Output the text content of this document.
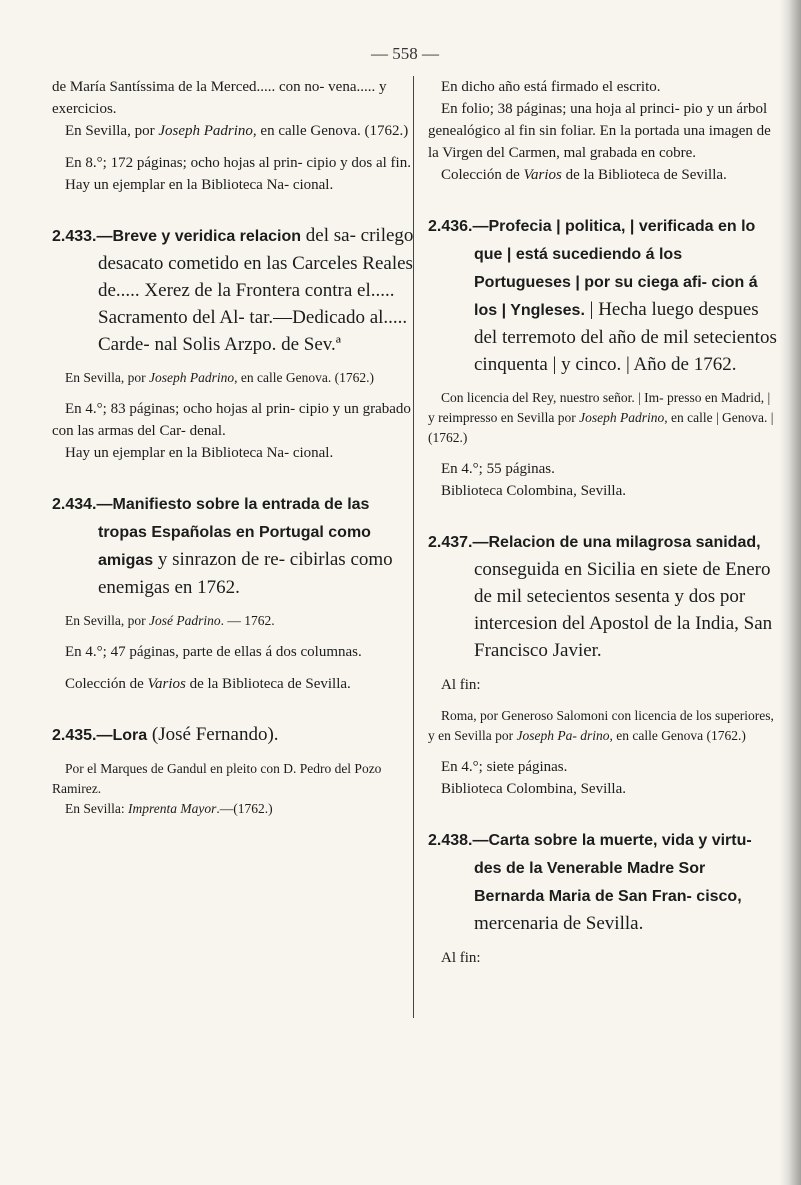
— 558 —

de María Santíssima de la Merced..... con no- vena..... y exercicios.

En Sevilla, por Joseph Padrino, en calle Genova. (1762.)

En 8.°; 172 páginas; ocho hojas al prin- cipio y dos al fin.

Hay un ejemplar en la Biblioteca Na- cional.

2.433.—Breve y veridica relacion del sa- crilego desacato cometido en las Carceles Reales de..... Xerez de la Frontera contra el..... Sacramento del Al- tar.—Dedicado al..... Carde- nal Solis Arzpo. de Sev.ª

En Sevilla, por Joseph Padrino, en calle Genova. (1762.)

En 4.°; 83 páginas; ocho hojas al prin- cipio y un grabado con las armas del Car- denal.

Hay un ejemplar en la Biblioteca Na- cional.

2.434.—Manifiesto sobre la entrada de las tropas Españolas en Portugal como amigas y sinrazon de re- cibirlas como enemigas en 1762.

En Sevilla, por José Padrino. — 1762.

En 4.°; 47 páginas, parte de ellas á dos columnas.

Colección de Varios de la Biblioteca de Sevilla.

2.435.—Lora (José Fernando).

Por el Marques de Gandul en pleito con D. Pedro del Pozo Ramirez.

En Sevilla: Imprenta Mayor.—(1762.)

En dicho año está firmado el escrito.

En folio; 38 páginas; una hoja al princi- pio y un árbol genealógico al fin sin foliar. En la portada una imagen de la Virgen del Carmen, mal grabada en cobre.

Colección de Varios de la Biblioteca de Sevilla.

2.436.—Profecia | politica, | verificada en lo que | está sucediendo á los Portugueses | por su ciega afi- cion á los | Yngleses. | Hecha luego despues del terremoto del año de mil setecientos cinquenta | y cinco. | Año de 1762.

Con licencia del Rey, nuestro señor. | Im- presso en Madrid, | y reimpresso en Sevilla por Joseph Padrino, en calle | Genova. | (1762.)

En 4.°; 55 páginas.

Biblioteca Colombina, Sevilla.

2.437.—Relacion de una milagrosa sanidad, conseguida en Sicilia en siete de Enero de mil setecientos sesenta y dos por intercesion del Apostol de la India, San Francisco Javier.

Al fin:

Roma, por Generoso Salomoni con licencia de los superiores, y en Sevilla por Joseph Pa- drino, en calle Genova (1762.)

En 4.°; siete páginas.

Biblioteca Colombina, Sevilla.

2.438.—Carta sobre la muerte, vida y virtu- des de la Venerable Madre Sor Bernarda Maria de San Fran- cisco, mercenaria de Sevilla.

Al fin:
